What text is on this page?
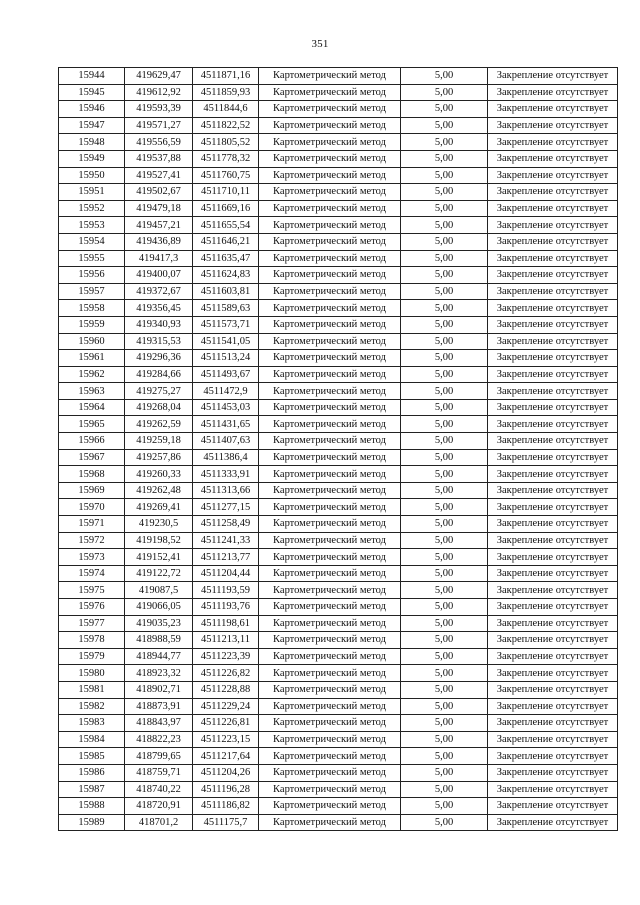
351
15944	419629,47	4511871,16	Картометрический метод	5,00	Закрепление отсутствует
15945	419612,92	4511859,93	Картометрический метод	5,00	Закрепление отсутствует
15946	419593,39	4511844,6	Картометрический метод	5,00	Закрепление отсутствует
15947	419571,27	4511822,52	Картометрический метод	5,00	Закрепление отсутствует
15948	419556,59	4511805,52	Картометрический метод	5,00	Закрепление отсутствует
15949	419537,88	4511778,32	Картометрический метод	5,00	Закрепление отсутствует
15950	419527,41	4511760,75	Картометрический метод	5,00	Закрепление отсутствует
15951	419502,67	4511710,11	Картометрический метод	5,00	Закрепление отсутствует
15952	419479,18	4511669,16	Картометрический метод	5,00	Закрепление отсутствует
15953	419457,21	4511655,54	Картометрический метод	5,00	Закрепление отсутствует
15954	419436,89	4511646,21	Картометрический метод	5,00	Закрепление отсутствует
15955	419417,3	4511635,47	Картометрический метод	5,00	Закрепление отсутствует
15956	419400,07	4511624,83	Картометрический метод	5,00	Закрепление отсутствует
15957	419372,67	4511603,81	Картометрический метод	5,00	Закрепление отсутствует
15958	419356,45	4511589,63	Картометрический метод	5,00	Закрепление отсутствует
15959	419340,93	4511573,71	Картометрический метод	5,00	Закрепление отсутствует
15960	419315,53	4511541,05	Картометрический метод	5,00	Закрепление отсутствует
15961	419296,36	4511513,24	Картометрический метод	5,00	Закрепление отсутствует
15962	419284,66	4511493,67	Картометрический метод	5,00	Закрепление отсутствует
15963	419275,27	4511472,9	Картометрический метод	5,00	Закрепление отсутствует
15964	419268,04	4511453,03	Картометрический метод	5,00	Закрепление отсутствует
15965	419262,59	4511431,65	Картометрический метод	5,00	Закрепление отсутствует
15966	419259,18	4511407,63	Картометрический метод	5,00	Закрепление отсутствует
15967	419257,86	4511386,4	Картометрический метод	5,00	Закрепление отсутствует
15968	419260,33	4511333,91	Картометрический метод	5,00	Закрепление отсутствует
15969	419262,48	4511313,66	Картометрический метод	5,00	Закрепление отсутствует
15970	419269,41	4511277,15	Картометрический метод	5,00	Закрепление отсутствует
15971	419230,5	4511258,49	Картометрический метод	5,00	Закрепление отсутствует
15972	419198,52	4511241,33	Картометрический метод	5,00	Закрепление отсутствует
15973	419152,41	4511213,77	Картометрический метод	5,00	Закрепление отсутствует
15974	419122,72	4511204,44	Картометрический метод	5,00	Закрепление отсутствует
15975	419087,5	4511193,59	Картометрический метод	5,00	Закрепление отсутствует
15976	419066,05	4511193,76	Картометрический метод	5,00	Закрепление отсутствует
15977	419035,23	4511198,61	Картометрический метод	5,00	Закрепление отсутствует
15978	418988,59	4511213,11	Картометрический метод	5,00	Закрепление отсутствует
15979	418944,77	4511223,39	Картометрический метод	5,00	Закрепление отсутствует
15980	418923,32	4511226,82	Картометрический метод	5,00	Закрепление отсутствует
15981	418902,71	4511228,88	Картометрический метод	5,00	Закрепление отсутствует
15982	418873,91	4511229,24	Картометрический метод	5,00	Закрепление отсутствует
15983	418843,97	4511226,81	Картометрический метод	5,00	Закрепление отсутствует
15984	418822,23	4511223,15	Картометрический метод	5,00	Закрепление отсутствует
15985	418799,65	4511217,64	Картометрический метод	5,00	Закрепление отсутствует
15986	418759,71	4511204,26	Картометрический метод	5,00	Закрепление отсутствует
15987	418740,22	4511196,28	Картометрический метод	5,00	Закрепление отсутствует
15988	418720,91	4511186,82	Картометрический метод	5,00	Закрепление отсутствует
15989	418701,2	4511175,7	Картометрический метод	5,00	Закрепление отсутствует
